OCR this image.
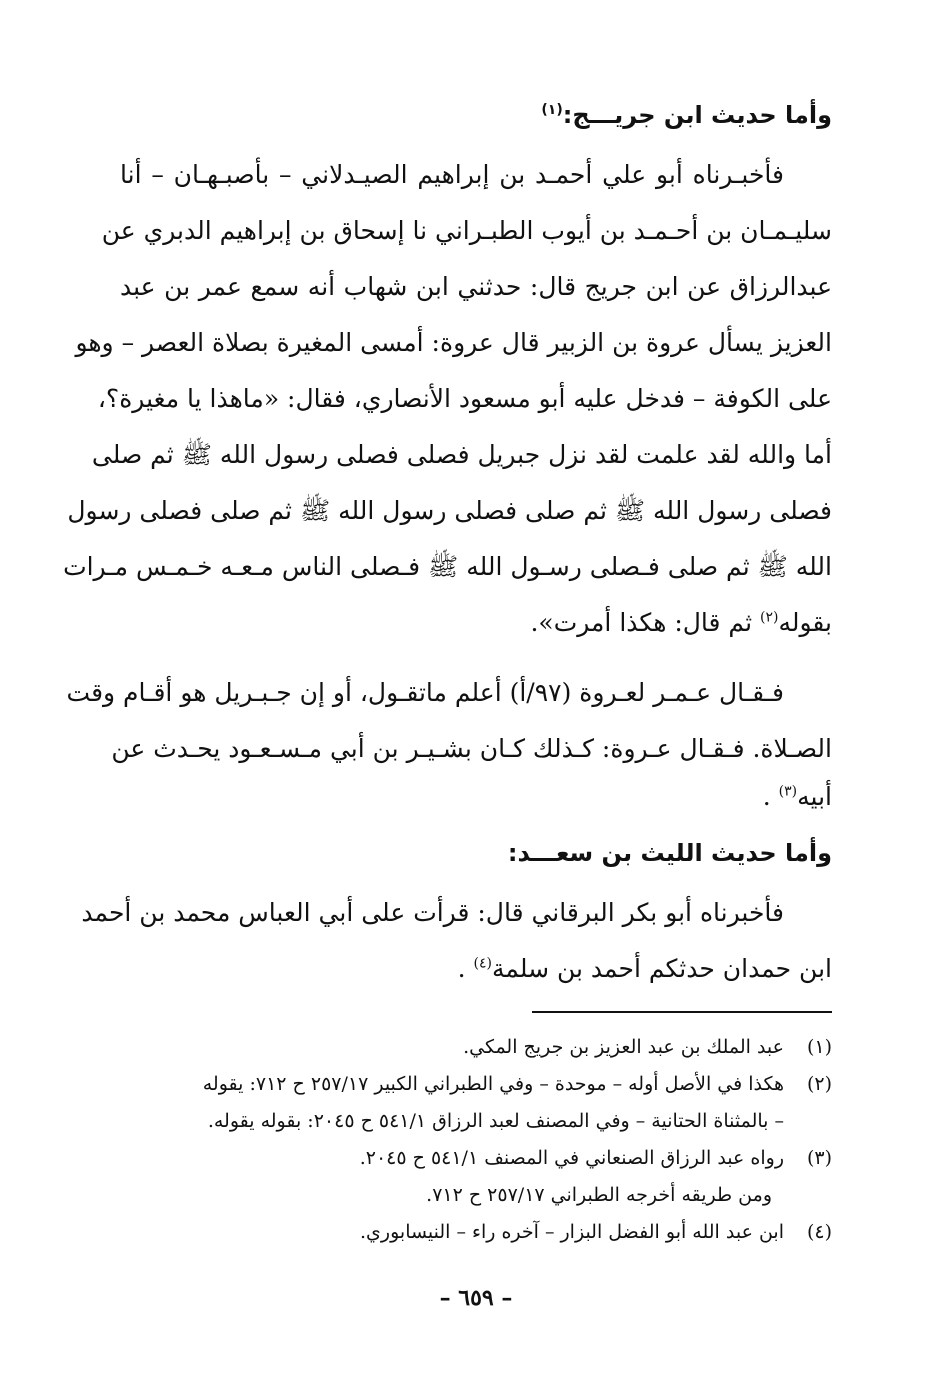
وأما حديث ابن جريـــج:$^{(١)}$
فأخبـرناه أبو علي أحمـد بن إبراهيم الصيـدلاني – بأصبـهـان – أنا
سليـمـان بن أحـمـد بن أيوب الطبـراني نا إسحاق بن إبراهيم الدبري عن
عبدالرزاق عن ابن جريج قال: حدثني ابن شهاب أنه سمع عمر بن عبد
العزيز يسأل عروة بن الزبير قال عروة: أمسى المغيرة بصلاة العصر – وهو
على الكوفة – فدخل عليه أبو مسعود الأنصاري، فقال: «ماهذا يا مغيرة؟،
أما والله لقد علمت لقد نزل جبريل فصلى فصلى رسول الله ﷺ ثم صلى
فصلى رسول الله ﷺ ثم صلى فصلى رسول الله ﷺ ثم صلى فصلى رسول
الله ﷺ ثم صلى فـصلى رسـول الله ﷺ فـصلى الناس مـعـه خـمـس مـرات
بقوله$^{(٢)}$ ثم قال: هكذا أمرت».
فـقـال عـمـر لعـروة (٩٧/أ) أعلم ماتقـول، أو إن جـبـريل هو أقـام وقت
الصـلاة. فـقـال عـروة: كـذلك كـان بشـيـر بن أبي مـسـعـود يحـدث عن
أبيه$^{(٣)}$ .
وأما حديث الليث بن سعـــد:
فأخبرناه أبو بكر البرقاني قال: قرأت على أبي العباس محمد بن أحمد
ابن حمدان حدثكم أحمد بن سلمة$^{(٤)}$ .
(١)
عبد الملك بن عبد العزيز بن جريج المكي.
(٢)
هكذا في الأصل أوله – موحدة – وفي الطبراني الكبير ٢٥٧/١٧ ح ٧١٢: يقوله
– بالمثناة الحتانية – وفي المصنف لعبد الرزاق ٥٤١/١ ح ٢٠٤٥: بقوله يقوله.
(٣)
رواه عبد الرزاق الصنعاني في المصنف ٥٤١/١ ح ٢٠٤٥.
ومن طريقه أخرجه الطبراني ٢٥٧/١٧ ح ٧١٢.
(٤)
ابن عبد الله أبو الفضل البزار – آخره راء – النيسابوري.
– ٦٥٩ –
